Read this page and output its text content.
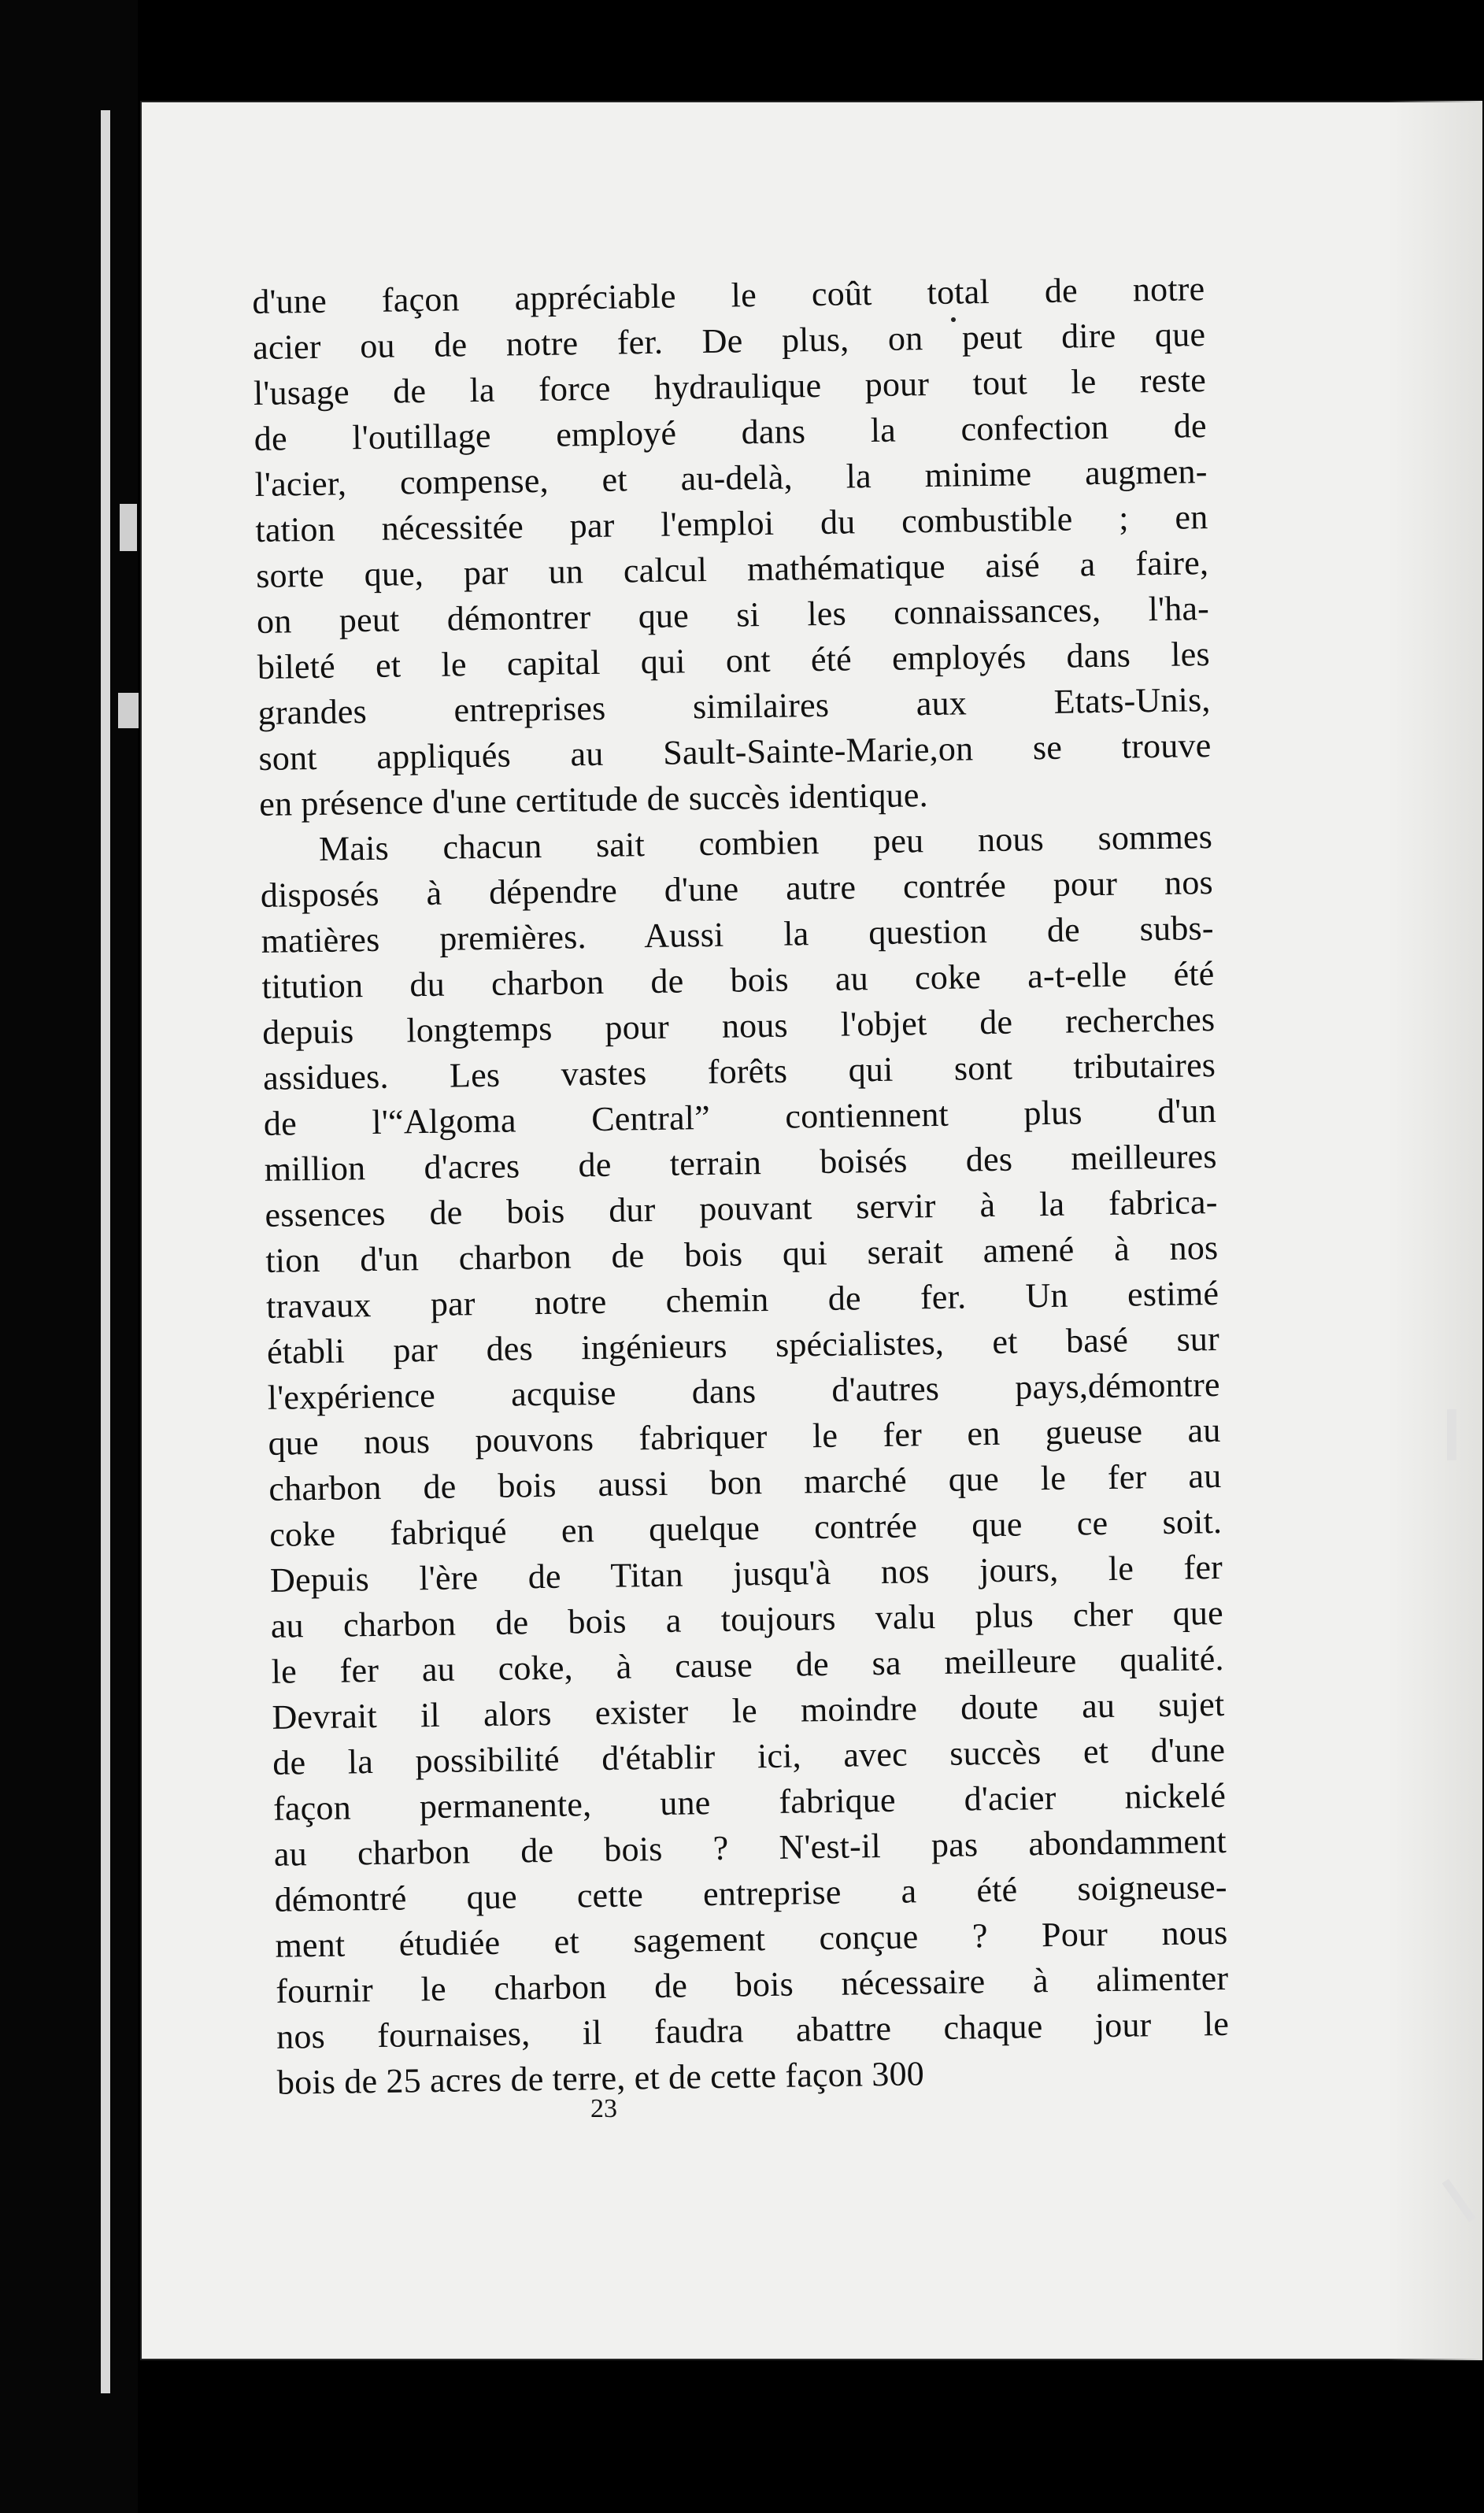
d'une façon appréciable le coût total de notre
acier ou de notre fer. De plus, on peut dire que
l'usage de la force hydraulique pour tout le reste
de l'outillage employé dans la confection de
l'acier, compense, et au-delà, la minime augmen-
tation nécessitée par l'emploi du combustible ; en
sorte que, par un calcul mathématique aisé a faire,
on peut démontrer que si les connaissances, l'ha-
bileté et le capital qui ont été employés dans les
grandes entreprises similaires aux Etats-Unis,
sont appliqués au Sault-Sainte-Marie,on se trouve
en présence d'une certitude de succès identique.
Mais chacun sait combien peu nous sommes
disposés à dépendre d'une autre contrée pour nos
matières premières. Aussi la question de subs-
titution du charbon de bois au coke a-t-elle été
depuis longtemps pour nous l'objet de recherches
assidues. Les vastes forêts qui sont tributaires
de l'“Algoma Central” contiennent plus d'un
million d'acres de terrain boisés des meilleures
essences de bois dur pouvant servir à la fabrica-
tion d'un charbon de bois qui serait amené à nos
travaux par notre chemin de fer. Un estimé
établi par des ingénieurs spécialistes, et basé sur
l'expérience acquise dans d'autres pays,démontre
que nous pouvons fabriquer le fer en gueuse au
charbon de bois aussi bon marché que le fer au
coke fabriqué en quelque contrée que ce soit.
Depuis l'ère de Titan jusqu'à nos jours, le fer
au charbon de bois a toujours valu plus cher que
le fer au coke, à cause de sa meilleure qualité.
Devrait il alors exister le moindre doute au sujet
de la possibilité d'établir ici, avec succès et d'une
façon permanente, une fabrique d'acier nickelé
au charbon de bois ? N'est-il pas abondamment
démontré que cette entreprise a été soigneuse-
ment étudiée et sagement conçue ? Pour nous
fournir le charbon de bois nécessaire à alimenter
nos fournaises, il faudra abattre chaque jour le
bois de 25 acres de terre, et de cette façon 300
23
